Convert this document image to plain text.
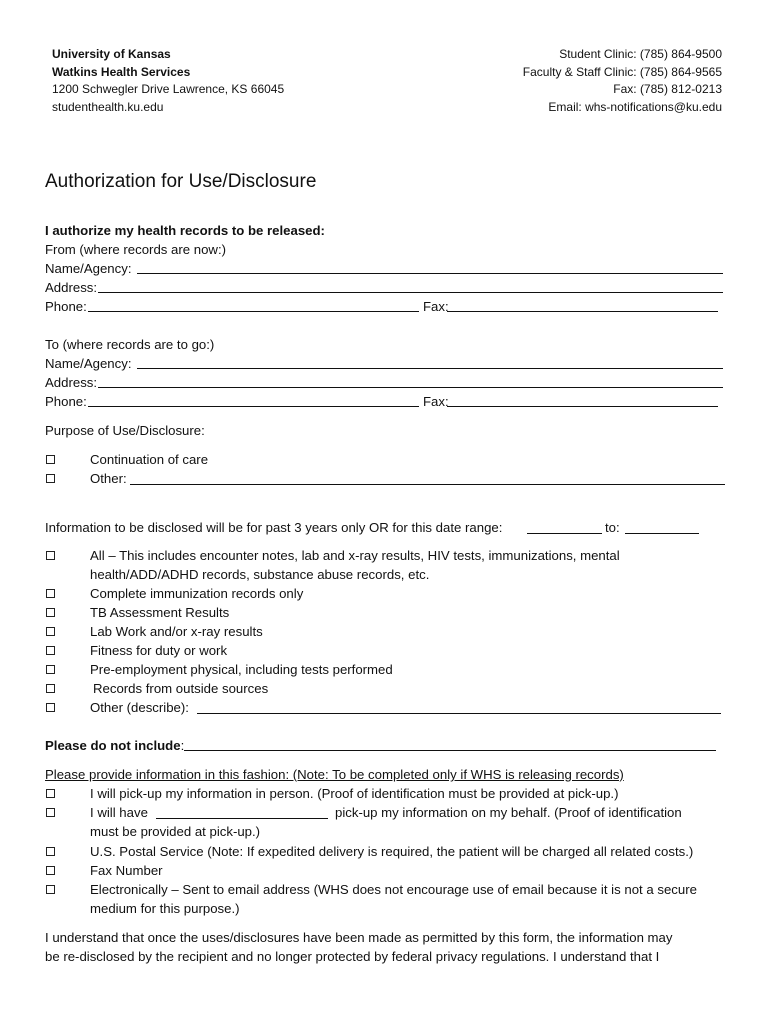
University of Kansas
Watkins Health Services
1200 Schwegler Drive Lawrence, KS 66045
studenthealth.ku.edu
Student Clinic: (785) 864-9500
Faculty & Staff Clinic: (785) 864-9565
Fax: (785) 812-0213
Email: whs-notifications@ku.edu
Authorization for Use/Disclosure
I authorize my health records to be released:
From (where records are now:)
Name/Agency:
Address:
Phone:	Fax:
To (where records are to go:)
Name/Agency:
Address:
Phone:	Fax:
Purpose of Use/Disclosure:
Continuation of care
Other:
Information to be disclosed will be for past 3 years only OR for this date range:	to:
All – This includes encounter notes, lab and x-ray results, HIV tests, immunizations, mental
health/ADD/ADHD records, substance abuse records, etc.
Complete immunization records only
TB Assessment Results
Lab Work and/or x-ray results
Fitness for duty or work
Pre-employment physical, including tests performed
Records from outside sources
Other (describe):
Please do not include:
Please provide information in this fashion: (Note: To be completed only if WHS is releasing records)
I will pick-up my information in person. (Proof of identification must be provided at pick-up.)
I will have	pick-up my information on my behalf. (Proof of identification
must be provided at pick-up.)
U.S. Postal Service (Note: If expedited delivery is required, the patient will be charged all related costs.)
Fax Number
Electronically – Sent to email address (WHS does not encourage use of email because it is not a secure
medium for this purpose.)
I understand that once the uses/disclosures have been made as permitted by this form, the information may
be re-disclosed by the recipient and no longer protected by federal privacy regulations. I understand that I
